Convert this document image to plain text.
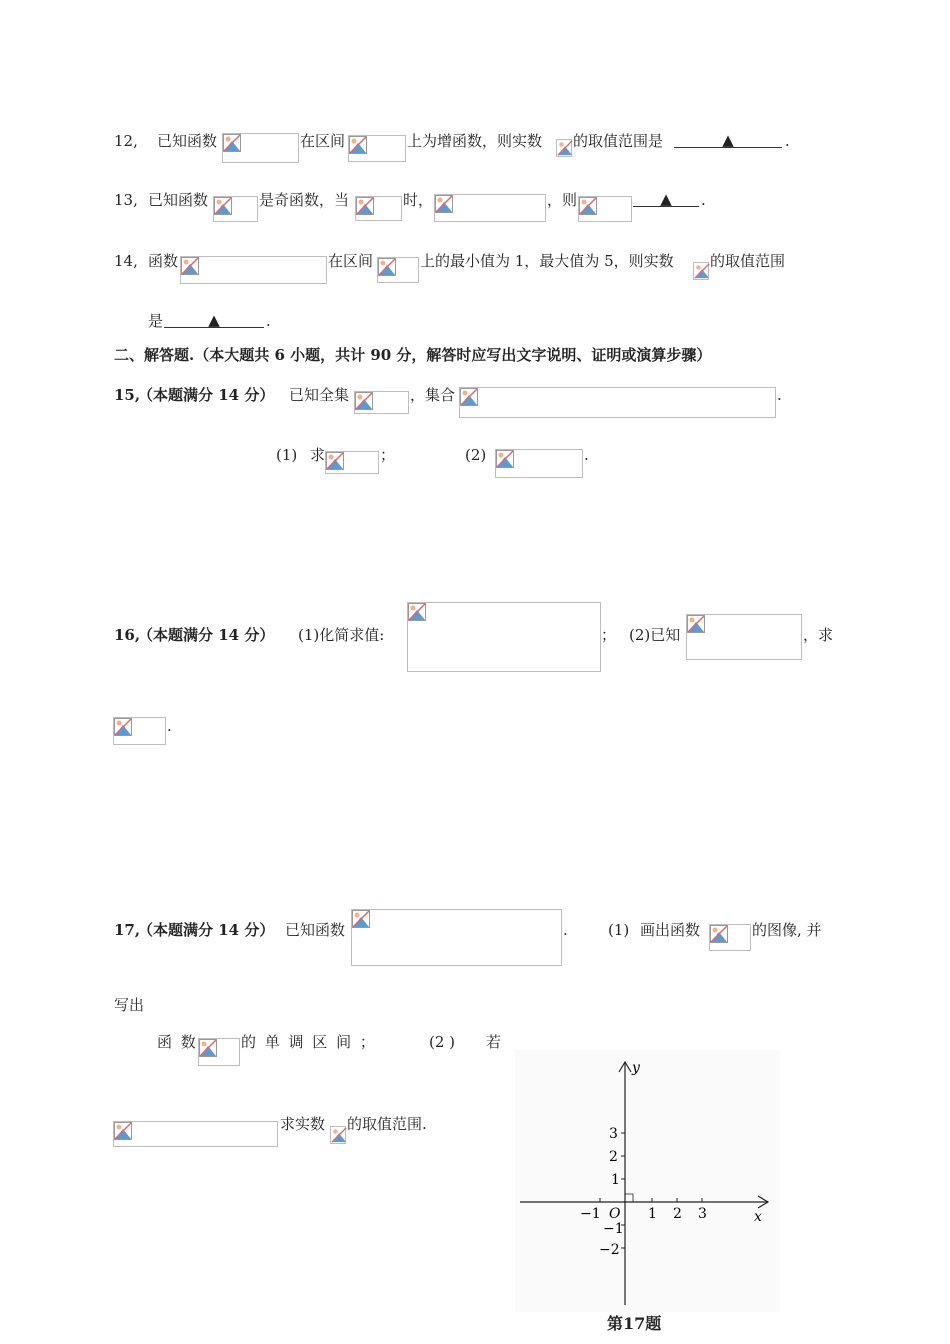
12, 已知函数	在区间	上为增函数，则实数 的取值范围是	▲	.
13, 已知函数	是奇函数，当	时，	，则	▲	.
14, 函数	在区间	上的最小值为 1，最大值为 5，则实数 的取值范围
是	▲	.
二、解答题.（本大题共 6 小题，共计 90 分，解答时应写出文字说明、证明或演算步骤）
15,
（本题满分 14 分） 已知全集	，集合	.
(1) 求	；	(2)	.
16,
（本题满分 14 分） (1)化简求值:	； (2)已知	，求
.
17,
（本题满分 14 分） 已知函数	.	(1) 画出函数	的图像, 并
写出
函 数	的 单 调 区 间 ；	(2 ) 若
求实数 的取值范围.
y
x
O
−1	1 2 3
3
2
1
−1
−2
第17题
